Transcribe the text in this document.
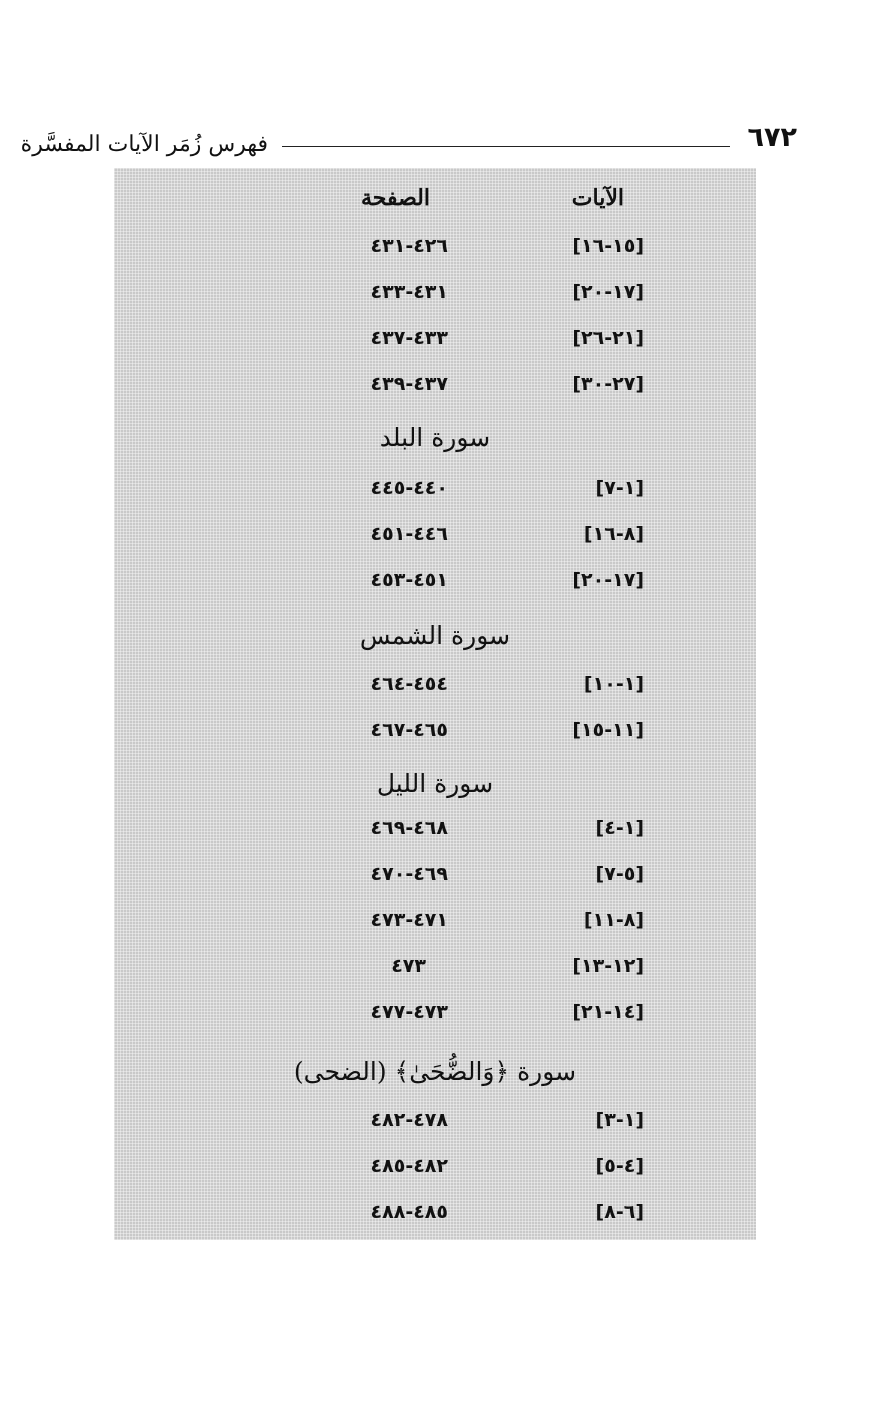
٦٧٢
فهرس زُمَر الآيات المفسَّرة
الآيات
الصفحة
[١٥-١٦]
٤٢٦-٤٣١
[١٧-٢٠]
٤٣١-٤٣٣
[٢١-٢٦]
٤٣٣-٤٣٧
[٢٧-٣٠]
٤٣٧-٤٣٩
سورة البلد
[١-٧]
٤٤٠-٤٤٥
[٨-١٦]
٤٤٦-٤٥١
[١٧-٢٠]
٤٥١-٤٥٣
سورة الشمس
[١-١٠]
٤٥٤-٤٦٤
[١١-١٥]
٤٦٥-٤٦٧
سورة الليل
[١-٤]
٤٦٨-٤٦٩
[٥-٧]
٤٦٩-٤٧٠
[٨-١١]
٤٧١-٤٧٣
[١٢-١٣]
٤٧٣
[١٤-٢١]
٤٧٣-٤٧٧
سورة ﴿وَالضُّحَىٰ﴾ (الضحى)
[١-٣]
٤٧٨-٤٨٢
[٤-٥]
٤٨٢-٤٨٥
[٦-٨]
٤٨٥-٤٨٨
